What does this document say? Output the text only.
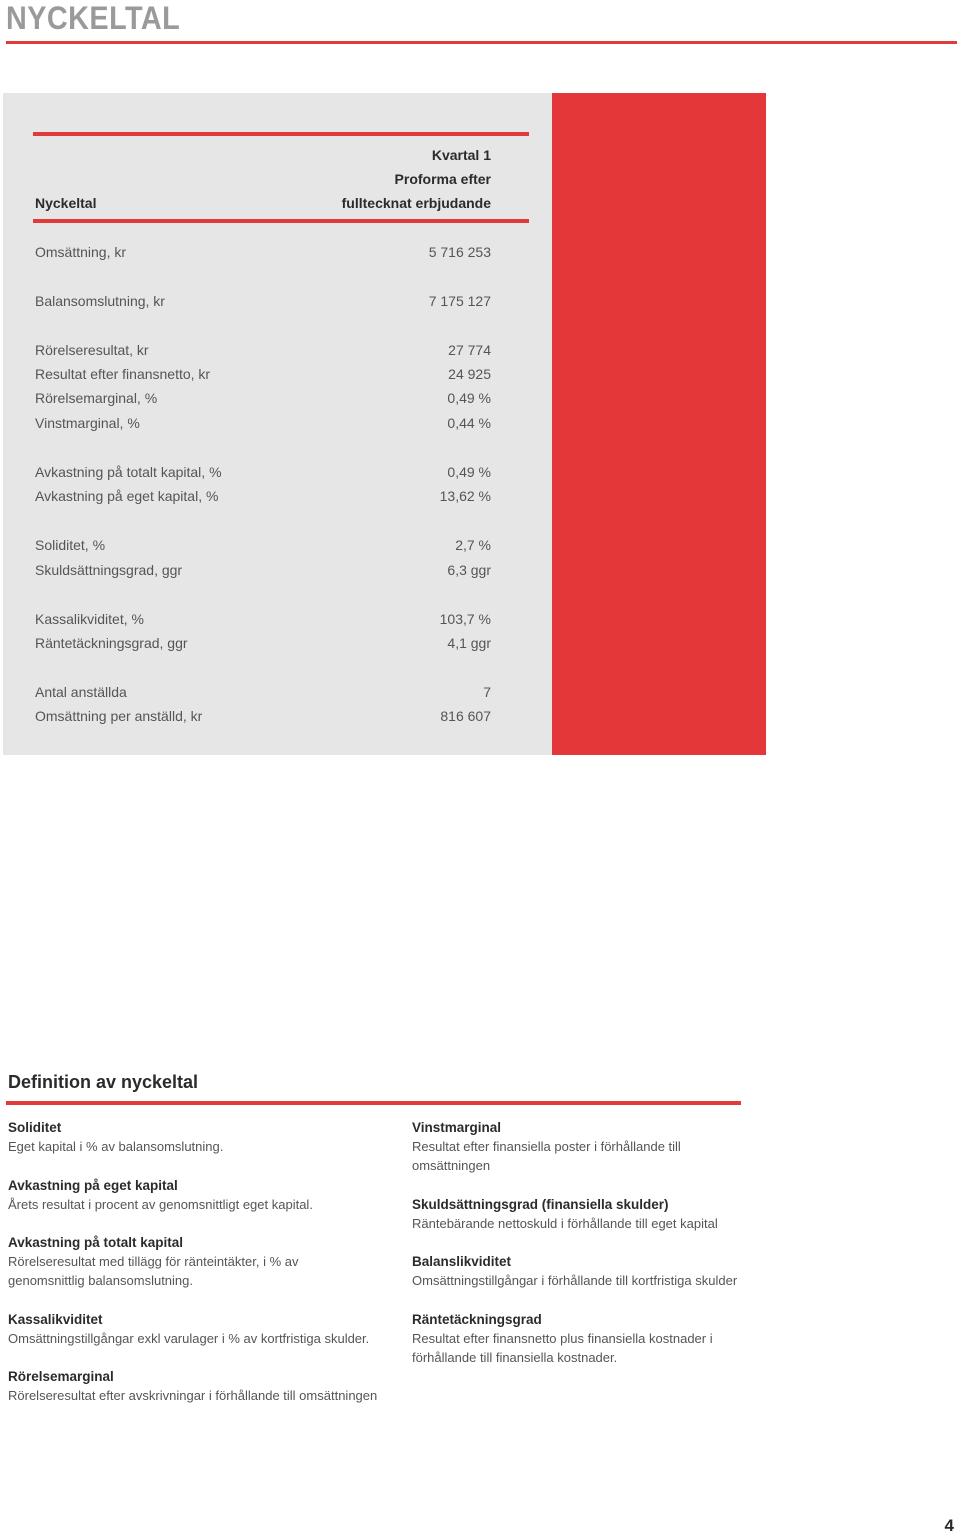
NYCKELTAL
Kvartal 1
Proforma efter
fulltecknat erbjudande
Nyckeltal
Omsättning, kr	5 716 253
Balansomslutning, kr	7 175 127
Rörelseresultat, kr	27 774
Resultat efter finansnetto, kr	24 925
Rörelsemarginal, %	0,49 %
Vinstmarginal, %	0,44 %
Avkastning på totalt kapital, %	0,49 %
Avkastning på eget kapital, %	13,62 %
Soliditet, %	2,7 %
Skuldsättningsgrad, ggr	6,3 ggr
Kassalikviditet, %	103,7 %
Räntetäckningsgrad, ggr	4,1 ggr
Antal anställda	7
Omsättning per anställd, kr	816 607
Definition av nyckeltal
Soliditet
Eget kapital i % av balansomslutning.
Avkastning på eget kapital
Årets resultat i procent av genomsnittligt eget kapital.
Avkastning på totalt kapital
Rörelseresultat med tillägg för ränteintäkter, i % av
genomsnittlig balansomslutning.
Kassalikviditet
Omsättningstillgångar exkl varulager i % av kortfristiga skulder.
Rörelsemarginal
Rörelseresultat efter avskrivningar i förhållande till omsättningen
Vinstmarginal
Resultat efter finansiella poster i förhållande till
omsättningen
Skuldsättningsgrad (finansiella skulder)
Räntebärande nettoskuld i förhållande till eget kapital
Balanslikviditet
Omsättningstillgångar i förhållande till kortfristiga skulder
Räntetäckningsgrad
Resultat efter finansnetto plus finansiella kostnader i
förhållande till finansiella kostnader.
4
